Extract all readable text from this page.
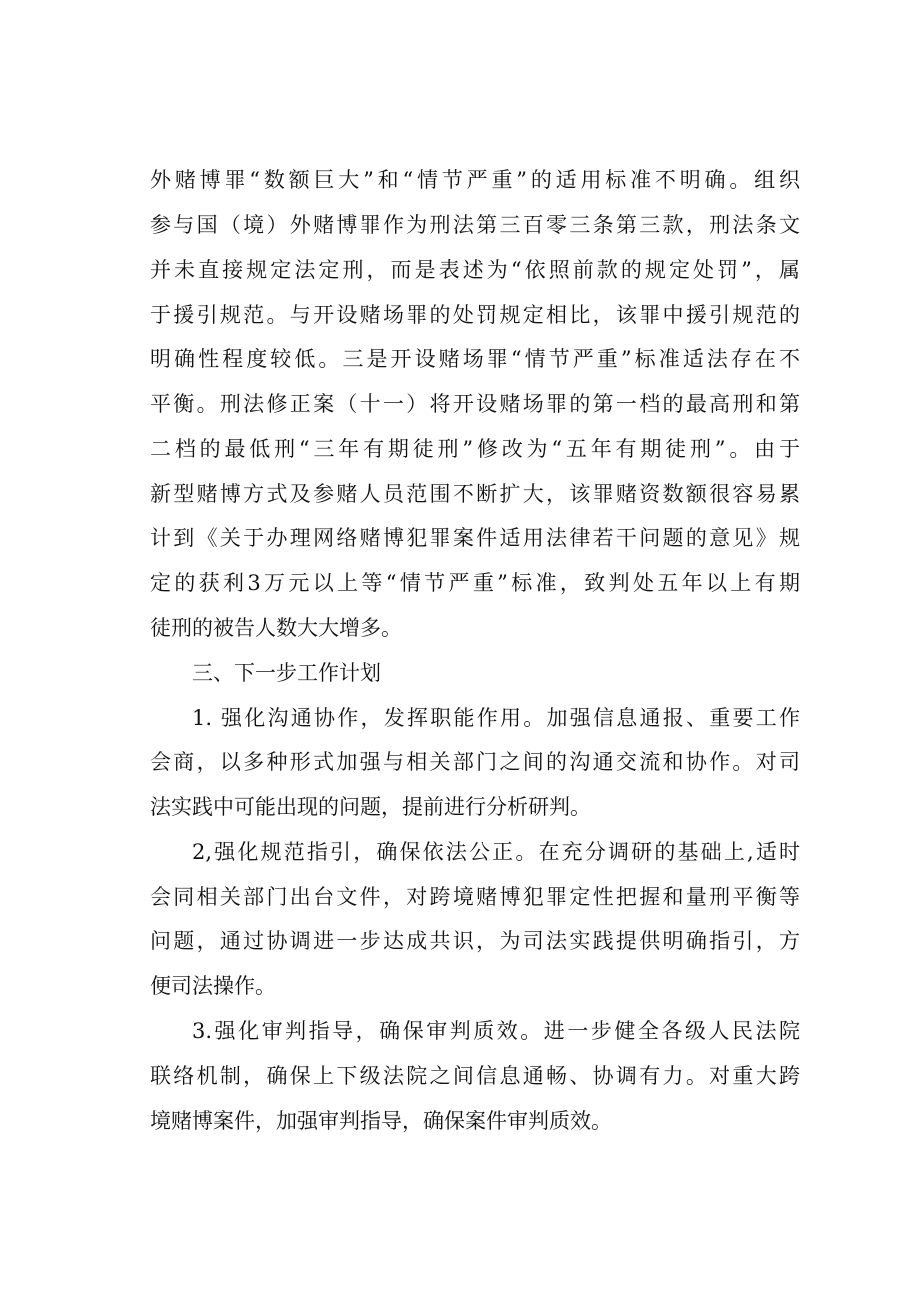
外赌博罪“数额巨大”和“情节严重”的适用标准不明确。组织
参与国（境）外赌博罪作为刑法第三百零三条第三款，刑法条文
并未直接规定法定刑，而是表述为“依照前款的规定处罚”，属
于援引规范。与开设赌场罪的处罚规定相比，该罪中援引规范的
明确性程度较低。三是开设赌场罪“情节严重”标准适法存在不
平衡。刑法修正案（十一）将开设赌场罪的第一档的最高刑和第
二档的最低刑“三年有期徒刑”修改为“五年有期徒刑”。由于
新型赌博方式及参赌人员范围不断扩大，该罪赌资数额很容易累
计到《关于办理网络赌博犯罪案件适用法律若干问题的意见》规
定的获利3万元以上等“情节严重”标准，致判处五年以上有期
徒刑的被告人数大大增多。
三、下一步工作计划
1. 强化沟通协作，发挥职能作用。加强信息通报、重要工作
会商，以多种形式加强与相关部门之间的沟通交流和协作。对司
法实践中可能出现的问题，提前进行分析研判。
2,强化规范指引，确保依法公正。在充分调研的基础上,适时
会同相关部门出台文件，对跨境赌博犯罪定性把握和量刑平衡等
问题，通过协调进一步达成共识，为司法实践提供明确指引，方
便司法操作。
3.强化审判指导，确保审判质效。进一步健全各级人民法院
联络机制，确保上下级法院之间信息通畅、协调有力。对重大跨
境赌博案件，加强审判指导，确保案件审判质效。
